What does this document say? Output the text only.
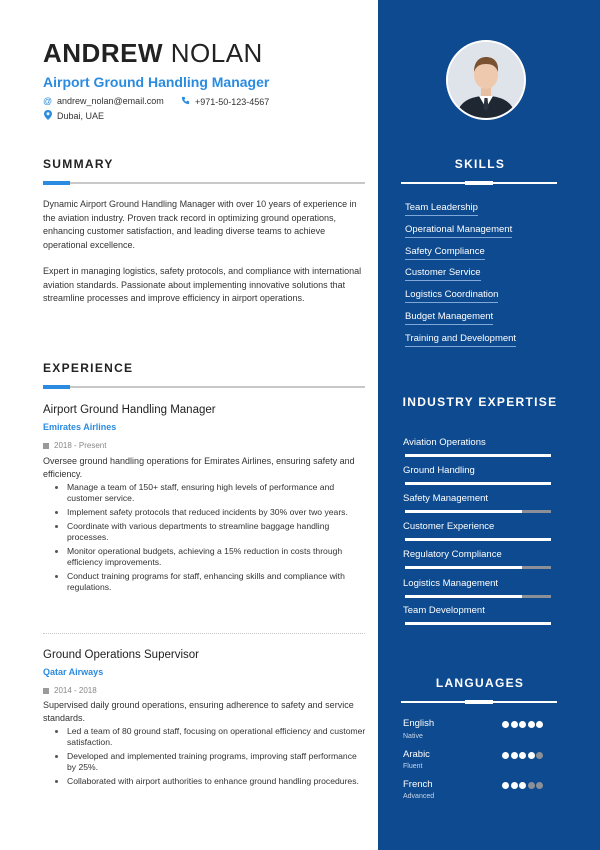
ANDREW NOLAN
Airport Ground Handling Manager
@ andrew_nolan@email.com	+971-50-123-4567
Dubai, UAE
SUMMARY
Dynamic Airport Ground Handling Manager with over 10 years of experience in the aviation industry. Proven track record in optimizing ground operations, enhancing customer satisfaction, and leading diverse teams to achieve operational excellence.
Expert in managing logistics, safety protocols, and compliance with international aviation standards. Passionate about implementing innovative solutions that streamline processes and improve efficiency in airport operations.
EXPERIENCE
Airport Ground Handling Manager
Emirates Airlines
2018 - Present
Oversee ground handling operations for Emirates Airlines, ensuring safety and efficiency.
Manage a team of 150+ staff, ensuring high levels of performance and customer service.
Implement safety protocols that reduced incidents by 30% over two years.
Coordinate with various departments to streamline baggage handling processes.
Monitor operational budgets, achieving a 15% reduction in costs through efficiency improvements.
Conduct training programs for staff, enhancing skills and compliance with regulations.
Ground Operations Supervisor
Qatar Airways
2014 - 2018
Supervised daily ground operations, ensuring adherence to safety and service standards.
Led a team of 80 ground staff, focusing on operational efficiency and customer satisfaction.
Developed and implemented training programs, improving staff performance by 25%.
Collaborated with airport authorities to enhance ground handling procedures.
SKILLS
Team Leadership
Operational Management
Safety Compliance
Customer Service
Logistics Coordination
Budget Management
Training and Development
INDUSTRY EXPERTISE
Aviation Operations
Ground Handling
Safety Management
Customer Experience
Regulatory Compliance
Logistics Management
Team Development
LANGUAGES
English
Native
Arabic
Fluent
French
Advanced
